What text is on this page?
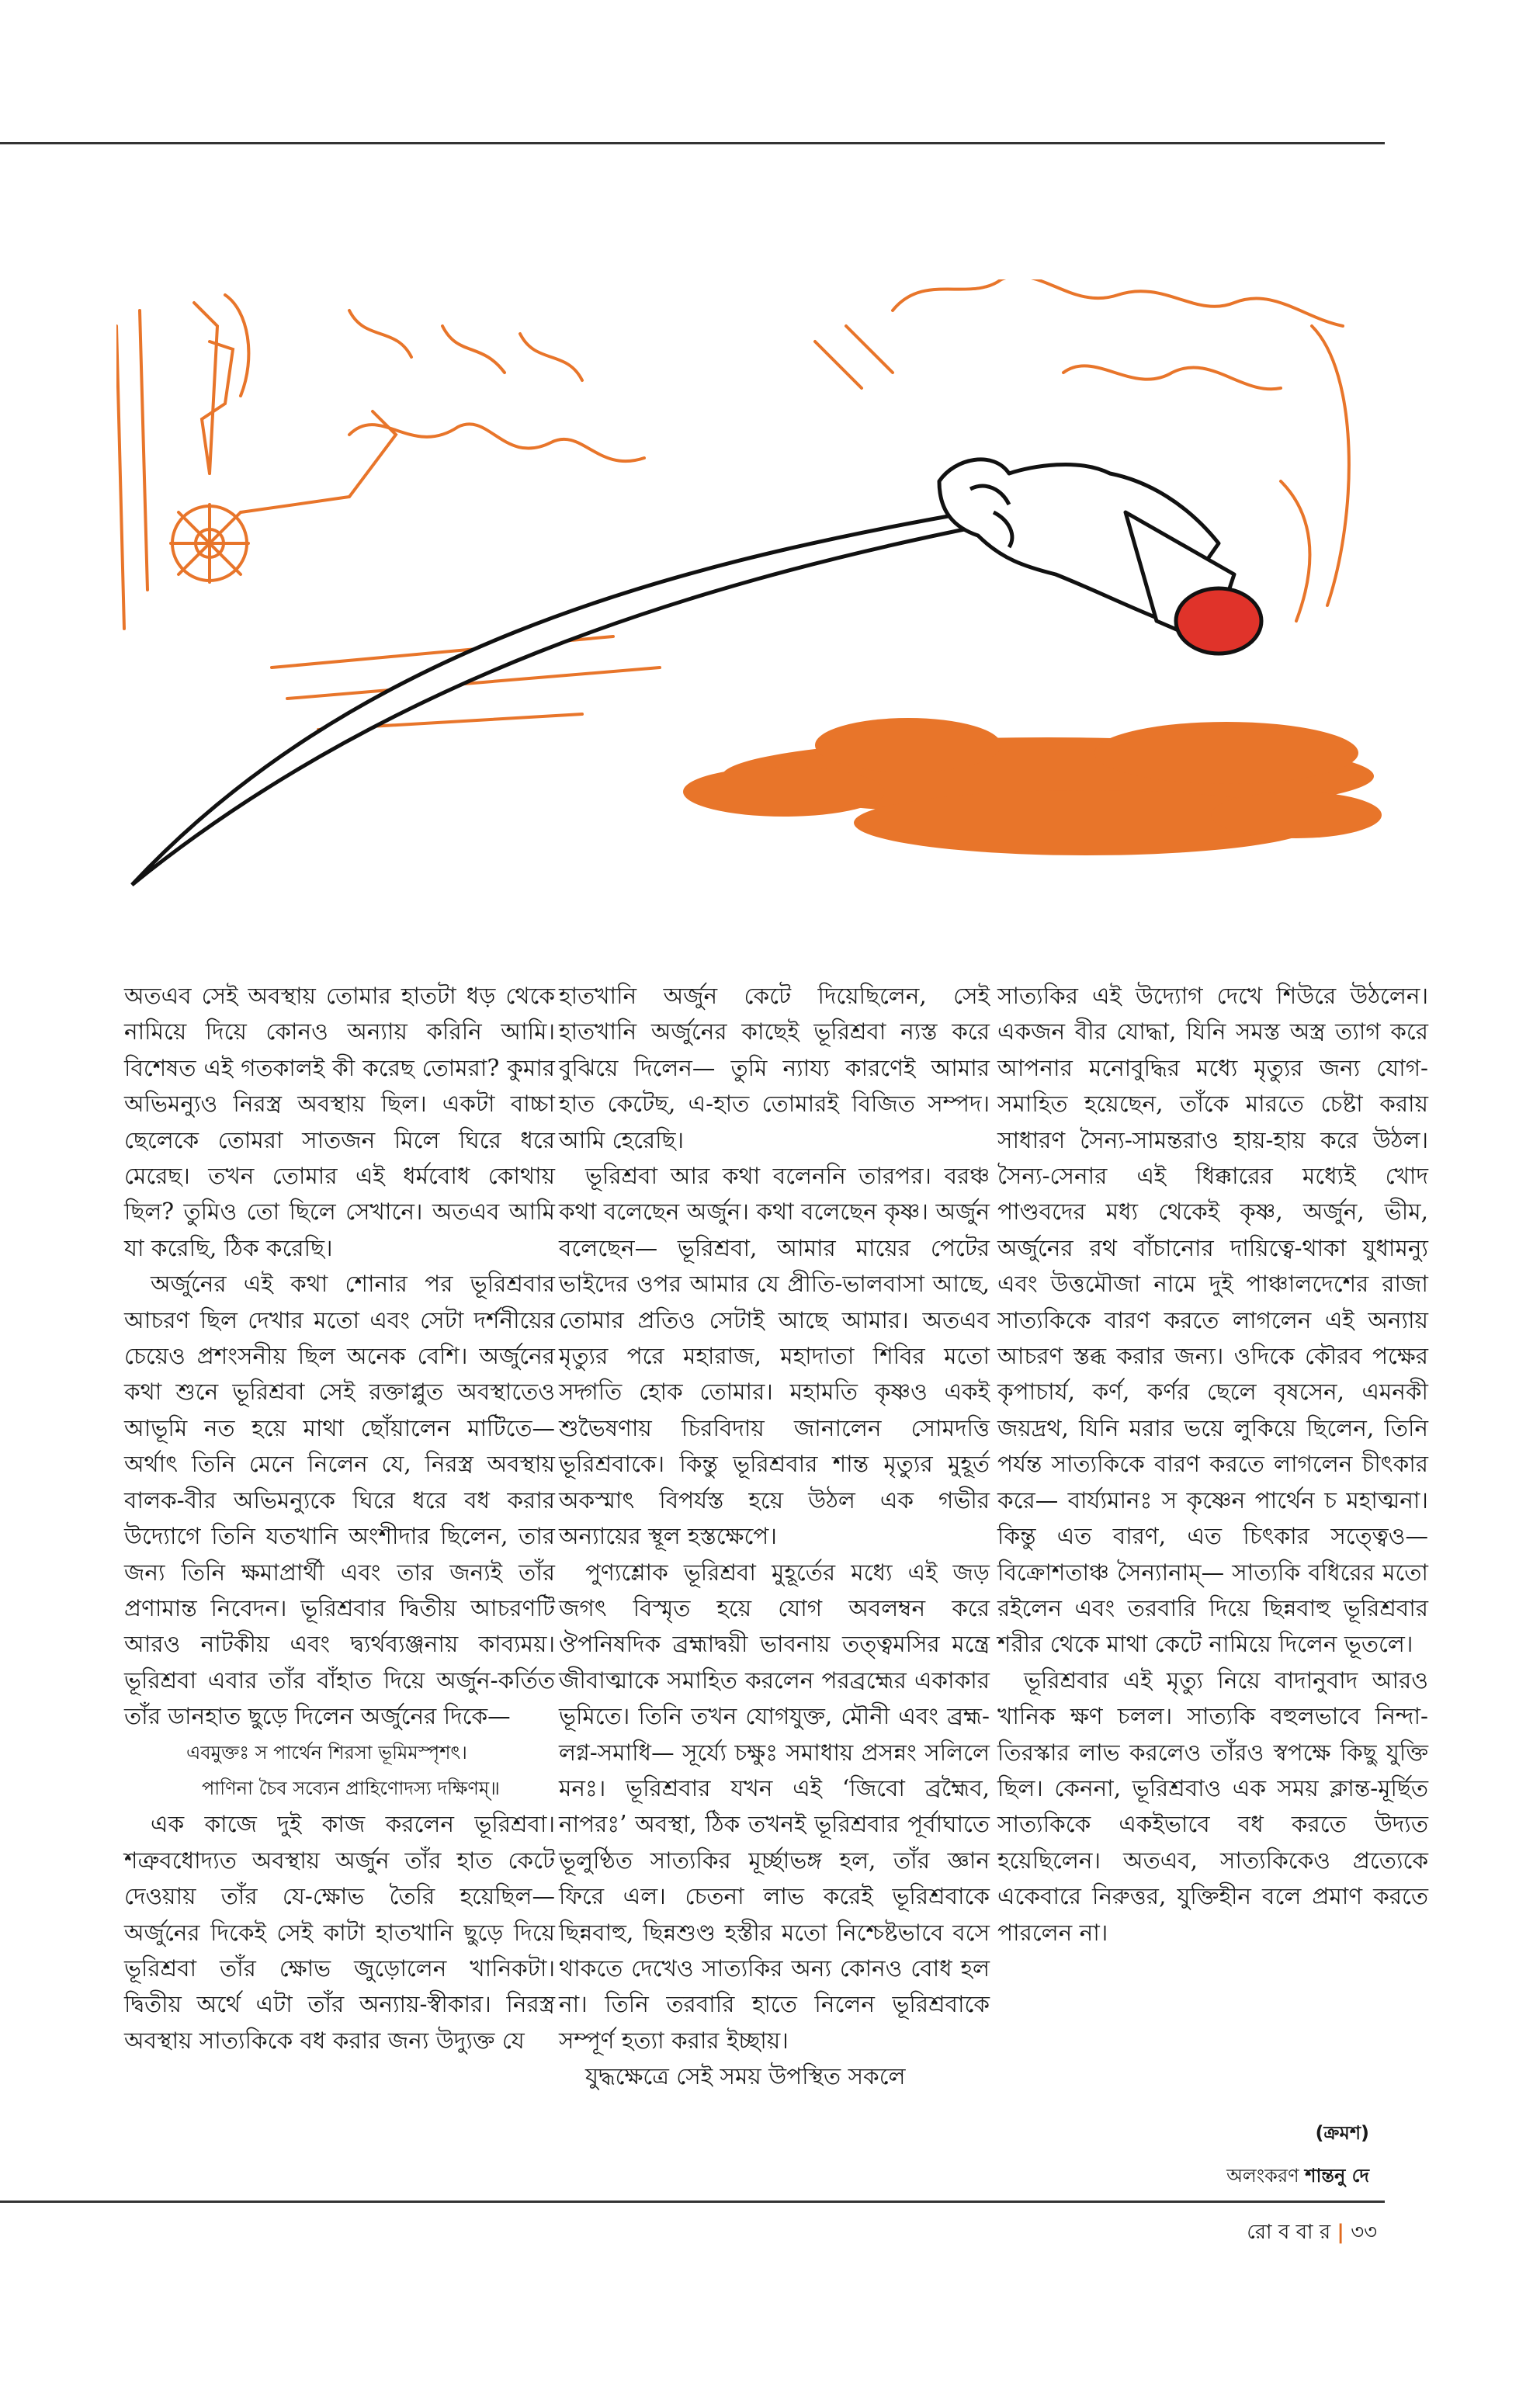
অতএব সেই অবস্থায় তোমার হাতটা ধড় থেকে নামিয়ে দিয়ে কোনও অন্যায় করিনি আমি। বিশেষত এই গতকালই কী করেছ তোমরা? কুমার অভিমন্যুও নিরস্ত্র অবস্থায় ছিল। একটা বাচ্চা ছেলেকে তোমরা সাতজন মিলে ঘিরে ধরে মেরেছ। তখন তোমার এই ধর্মবোধ কোথায় ছিল? তুমিও তো ছিলে সেখানে। অতএব আমি যা করেছি, ঠিক করেছি।

অর্জুনের এই কথা শোনার পর ভূরিশ্রবার আচরণ ছিল দেখার মতো এবং সেটা দর্শনীয়ের চেয়েও প্রশংসনীয় ছিল অনেক বেশি। অর্জুনের কথা শুনে ভূরিশ্রবা সেই রক্তাপ্লুত অবস্থাতেও আভূমি নত হয়ে মাথা ছোঁয়ালেন মাটিতে— অর্থাৎ তিনি মেনে নিলেন যে, নিরস্ত্র অবস্থায় বালক-বীর অভিমন্যুকে ঘিরে ধরে বধ করার উদ্যোগে তিনি যতখানি অংশীদার ছিলেন, তার জন্য তিনি ক্ষমাপ্রার্থী এবং তার জন্যই তাঁর প্রণামান্ত নিবেদন। ভূরিশ্রবার দ্বিতীয় আচরণটি আরও নাটকীয় এবং দ্ব্যর্থব্যঞ্জনায় কাব্যময়। ভূরিশ্রবা এবার তাঁর বাঁহাত দিয়ে অর্জুন-কর্তিত তাঁর ডানহাত ছুড়ে দিলেন অর্জুনের দিকে—

এবমুক্তঃ স পার্থেন শিরসা ভূমিমস্পৃশৎ।

পাণিনা চৈব সব্যেন প্রাহিণোদস্য দক্ষিণম্॥

এক কাজে দুই কাজ করলেন ভূরিশ্রবা। শত্রুবধোদ্যত অবস্থায় অর্জুন তাঁর হাত কেটে দেওয়ায় তাঁর যে-ক্ষোভ তৈরি হয়েছিল— অর্জুনের দিকেই সেই কাটা হাতখানি ছুড়ে দিয়ে ভূরিশ্রবা তাঁর ক্ষোভ জুড়োলেন খানিকটা। দ্বিতীয় অর্থে এটা তাঁর অন্যায়-স্বীকার। নিরস্ত্র অবস্থায় সাত্যকিকে বধ করার জন্য উদ্যুক্ত যে

হাতখানি অর্জুন কেটে দিয়েছিলেন, সেই হাতখানি অর্জুনের কাছেই ভূরিশ্রবা ন্যস্ত করে বুঝিয়ে দিলেন— তুমি ন্যায্য কারণেই আমার হাত কেটেছ, এ-হাত তোমারই বিজিত সম্পদ। আমি হেরেছি।

ভূরিশ্রবা আর কথা বলেননি তারপর। বরঞ্চ কথা বলেছেন অর্জুন। কথা বলেছেন কৃষ্ণ। অর্জুন বলেছেন— ভূরিশ্রবা, আমার মায়ের পেটের ভাইদের ওপর আমার যে প্রীতি-ভালবাসা আছে, তোমার প্রতিও সেটাই আছে আমার। অতএব মৃত্যুর পরে মহারাজ, মহাদাতা শিবির মতো সদ্গতি হোক তোমার। মহামতি কৃষ্ণও একই শুভৈষণায় চিরবিদায় জানালেন সোমদত্তি ভূরিশ্রবাকে। কিন্তু ভূরিশ্রবার শান্ত মৃত্যুর মুহূর্ত অকস্মাৎ বিপর্যস্ত হয়ে উঠল এক গভীর অন্যায়ের স্থূল হস্তক্ষেপে।

পুণ্যশ্লোক ভূরিশ্রবা মুহূর্তের মধ্যে এই জড় জগৎ বিস্মৃত হয়ে যোগ অবলম্বন করে ঔপনিষদিক ব্রহ্মাদ্বয়ী ভাবনায় তত্ত্বমসির মন্ত্রে জীবাত্মাকে সমাহিত করলেন পরব্রহ্মের একাকার ভূমিতে। তিনি তখন যোগযুক্ত, মৌনী এবং ব্রহ্ম-লগ্ন-সমাধি— সূর্য্যে চক্ষুঃ সমাধায় প্রসন্নং সলিলে মনঃ। ভূরিশ্রবার যখন এই ‘জিবো ব্রহ্মৈব, নাপরঃ’ অবস্থা, ঠিক তখনই ভূরিশ্রবার পূর্বাঘাতে ভূলুণ্ঠিত সাত্যকির মূর্চ্ছাভঙ্গ হল, তাঁর জ্ঞান ফিরে এল। চেতনা লাভ করেই ভূরিশ্রবাকে ছিন্নবাহু, ছিন্নশুণ্ড হস্তীর মতো নিশ্চেষ্টভাবে বসে থাকতে দেখেও সাত্যকির অন্য কোনও বোধ হল না। তিনি তরবারি হাতে নিলেন ভূরিশ্রবাকে সম্পূর্ণ হত্যা করার ইচ্ছায়।

যুদ্ধক্ষেত্রে সেই সময় উপস্থিত সকলে

সাত্যকির এই উদ্যোগ দেখে শিউরে উঠলেন। একজন বীর যোদ্ধা, যিনি সমস্ত অস্ত্র ত্যাগ করে আপনার মনোবুদ্ধির মধ্যে মৃত্যুর জন্য যোগ-সমাহিত হয়েছেন, তাঁকে মারতে চেষ্টা করায় সাধারণ সৈন্য-সামন্তরাও হায়-হায় করে উঠল। সৈন্য-সেনার এই ধিক্কারের মধ্যেই খোদ পাণ্ডবদের মধ্য থেকেই কৃষ্ণ, অর্জুন, ভীম, অর্জুনের রথ বাঁচানোর দায়িত্বে-থাকা যুধামন্যু এবং উত্তমৌজা নামে দুই পাঞ্চালদেশের রাজা সাত্যকিকে বারণ করতে লাগলেন এই অন্যায় আচরণ স্তব্ধ করার জন্য। ওদিকে কৌরব পক্ষের কৃপাচার্য, কর্ণ, কর্ণর ছেলে বৃষসেন, এমনকী জয়দ্রথ, যিনি মরার ভয়ে লুকিয়ে ছিলেন, তিনি পর্যন্ত সাত্যকিকে বারণ করতে লাগলেন চীৎকার করে— বার্য্যমানঃ স কৃষ্ণেন পার্থেন চ মহাত্মনা। কিন্তু এত বারণ, এত চিৎকার সত্ত্বেও— বিক্রোশতাঞ্চ সৈন্যানাম্— সাত্যকি বধিরের মতো রইলেন এবং তরবারি দিয়ে ছিন্নবাহু ভূরিশ্রবার শরীর থেকে মাথা কেটে নামিয়ে দিলেন ভূতলে।

ভূরিশ্রবার এই মৃত্যু নিয়ে বাদানুবাদ আরও খানিক ক্ষণ চলল। সাত্যকি বহুলভাবে নিন্দা-তিরস্কার লাভ করলেও তাঁরও স্বপক্ষে কিছু যুক্তি ছিল। কেননা, ভূরিশ্রবাও এক সময় ক্লান্ত-মূর্ছিত সাত্যকিকে একইভাবে বধ করতে উদ্যত হয়েছিলেন। অতএব, সাত্যকিকেও প্রত্যেকে একেবারে নিরুত্তর, যুক্তিহীন বলে প্রমাণ করতে পারলেন না।

(ক্রমশ)
অলংকরণ শান্তনু দে
রো ব বা র | ৩৩
